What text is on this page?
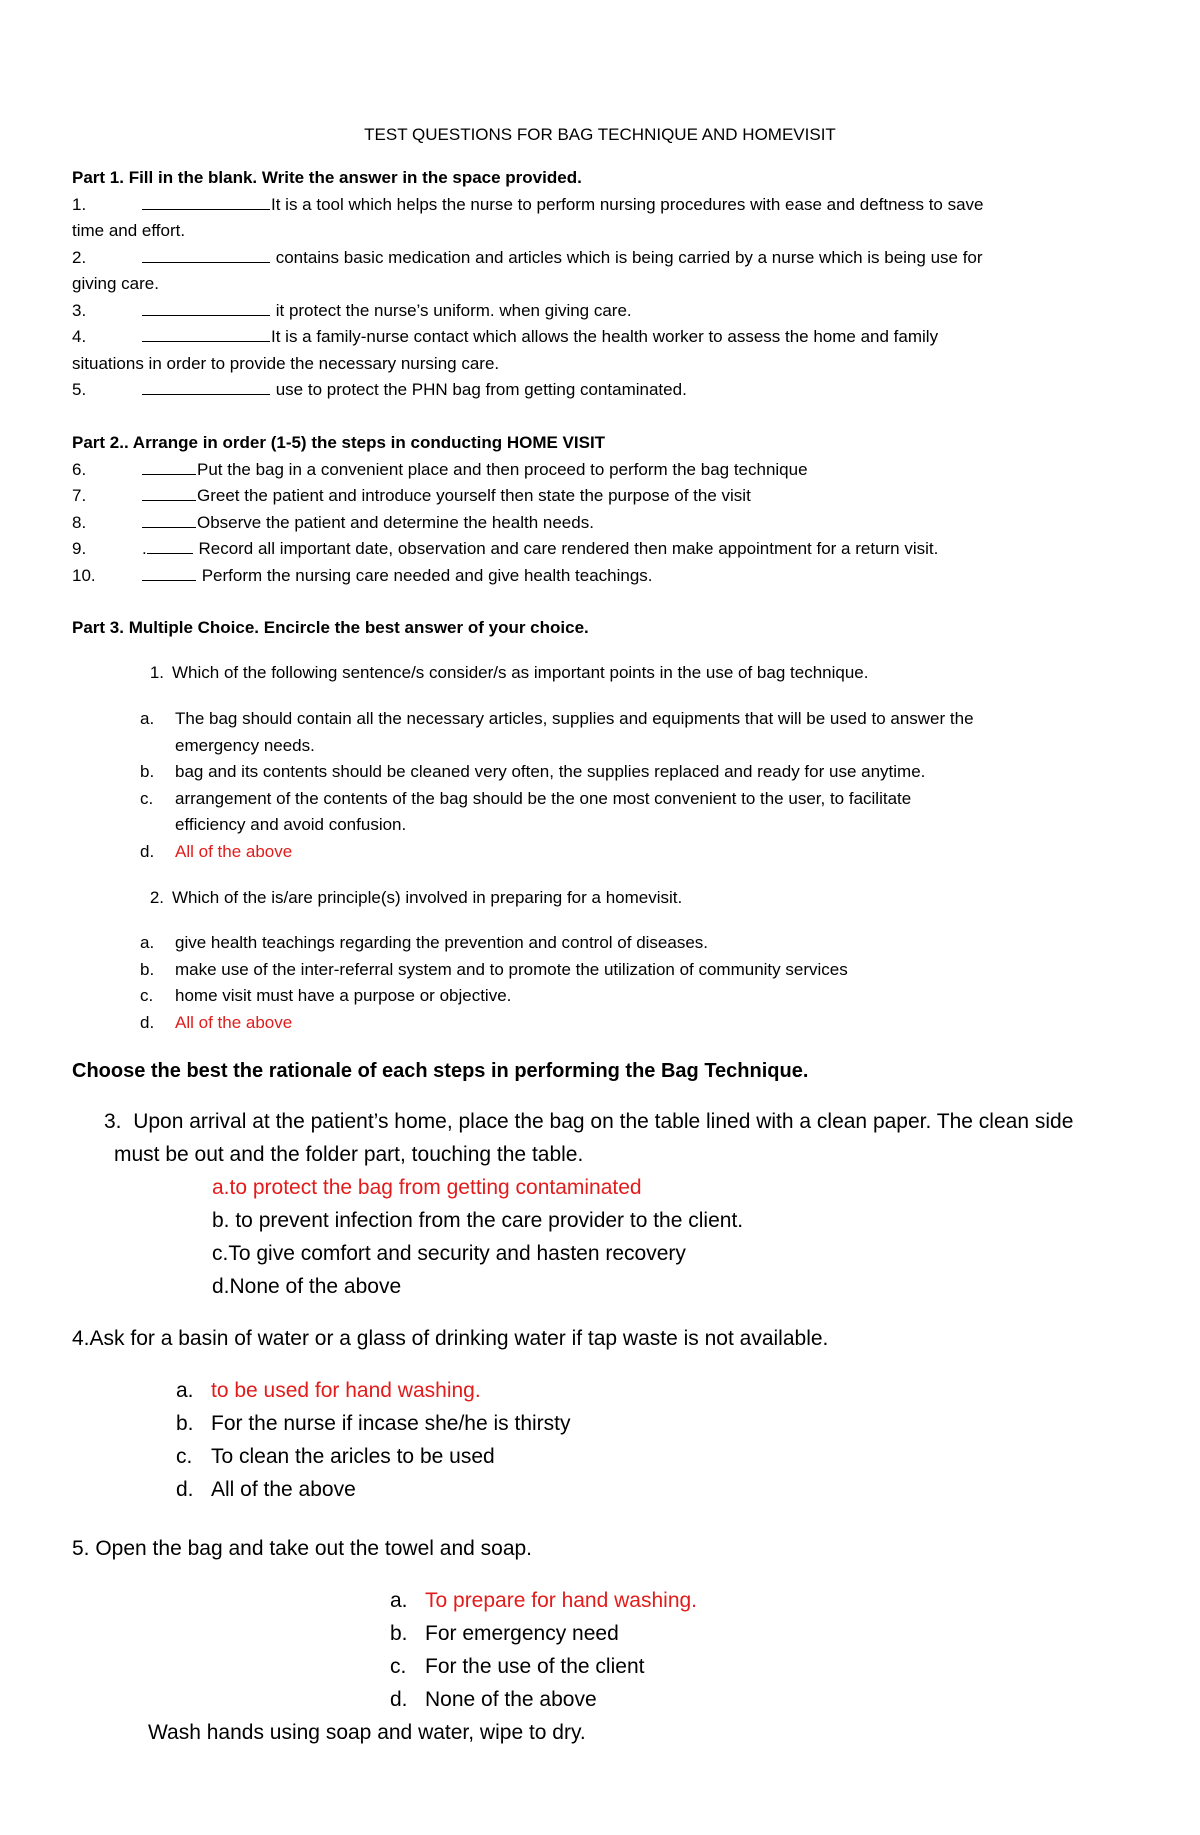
TEST QUESTIONS FOR BAG TECHNIQUE AND HOMEVISIT
Part 1. Fill in the blank. Write the answer in the space provided.
1.	It is a tool which helps the nurse to perform nursing procedures with ease and deftness to save
time and effort.
2.	contains basic medication and articles which is being carried by a nurse which is being use for
giving care.
3.	it protect the nurse’s uniform. when giving care.
4.	It is a family-nurse contact which allows the health worker to assess the home and family
situations in order to provide the necessary nursing care.
5.	use to protect the PHN bag from getting contaminated.
Part 2.. Arrange in order (1-5) the steps in conducting HOME VISIT
6.	Put the bag in a convenient place and then proceed to perform the bag technique
7.	Greet the patient and introduce yourself then state the purpose of the visit
8.	Observe the patient and determine the health needs.
9.	.	Record all important date, observation and care rendered then make appointment for a return visit.
10.	Perform the nursing care needed and give health teachings.
Part 3. Multiple Choice. Encircle the best answer of your choice.
1. Which of the following sentence/s consider/s as important points in the use of bag technique.
a.	The bag should contain all the necessary articles, supplies and equipments that will be used to answer the
emergency needs.
b.	bag and its contents should be cleaned very often, the supplies replaced and ready for use anytime.
c.	arrangement of the contents of the bag should be the one most convenient to the user, to facilitate
efficiency and avoid confusion.
d.	All of the above
2. Which of the is/are principle(s) involved in preparing for a homevisit.
a.	give health teachings regarding the prevention and control of diseases.
b.	make use of the inter-referral system and to promote the utilization of community services
c.	home visit must have a purpose or objective.
d.	All of the above
Choose the best the rationale of each steps in performing the Bag Technique.
3. Upon arrival at the patient’s home, place the bag on the table lined with a clean paper. The clean side
must be out and the folder part, touching the table.
a.to protect the bag from getting contaminated
b. to prevent infection from the care provider to the client.
c.To give comfort and security and hasten recovery
d.None of the above
4.Ask for a basin of water or a glass of drinking water if tap waste is not available.
a. to be used for hand washing.
b. For the nurse if incase she/he is thirsty
c. To clean the aricles to be used
d. All of the above
5. Open the bag and take out the towel and soap.
a. To prepare for hand washing.
b. For emergency need
c. For the use of the client
d. None of the above
Wash hands using soap and water, wipe to dry.
